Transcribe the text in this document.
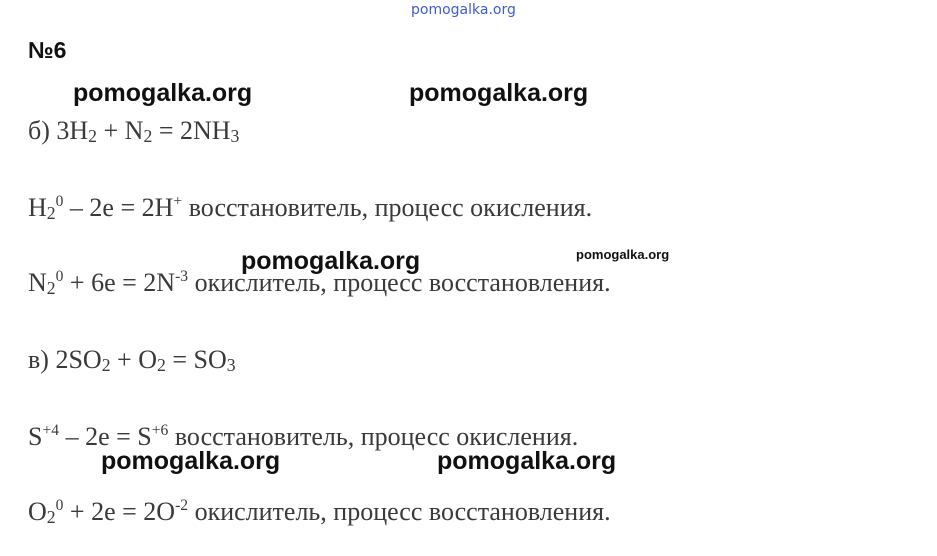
pomogalka.org
№6
pomogalka.org	pomogalka.org
pomogalka.org	pomogalka.org
pomogalka.org	pomogalka.org
б) $3H_2 + N_2 = 2NH_3$
$H_2^0 - 2e = 2H^+$ восстановитель, процесс окисления.
$N_2^0 + 6e = 2N^{-3}$ окислитель, процесс восстановления.
в) $2SO_2 + O_2 = SO_3$
$S^{+4} - 2e = S^{+6}$ восстановитель, процесс окисления.
$O_2^0 + 2e = 2O^{-2}$ окислитель, процесс восстановления.
